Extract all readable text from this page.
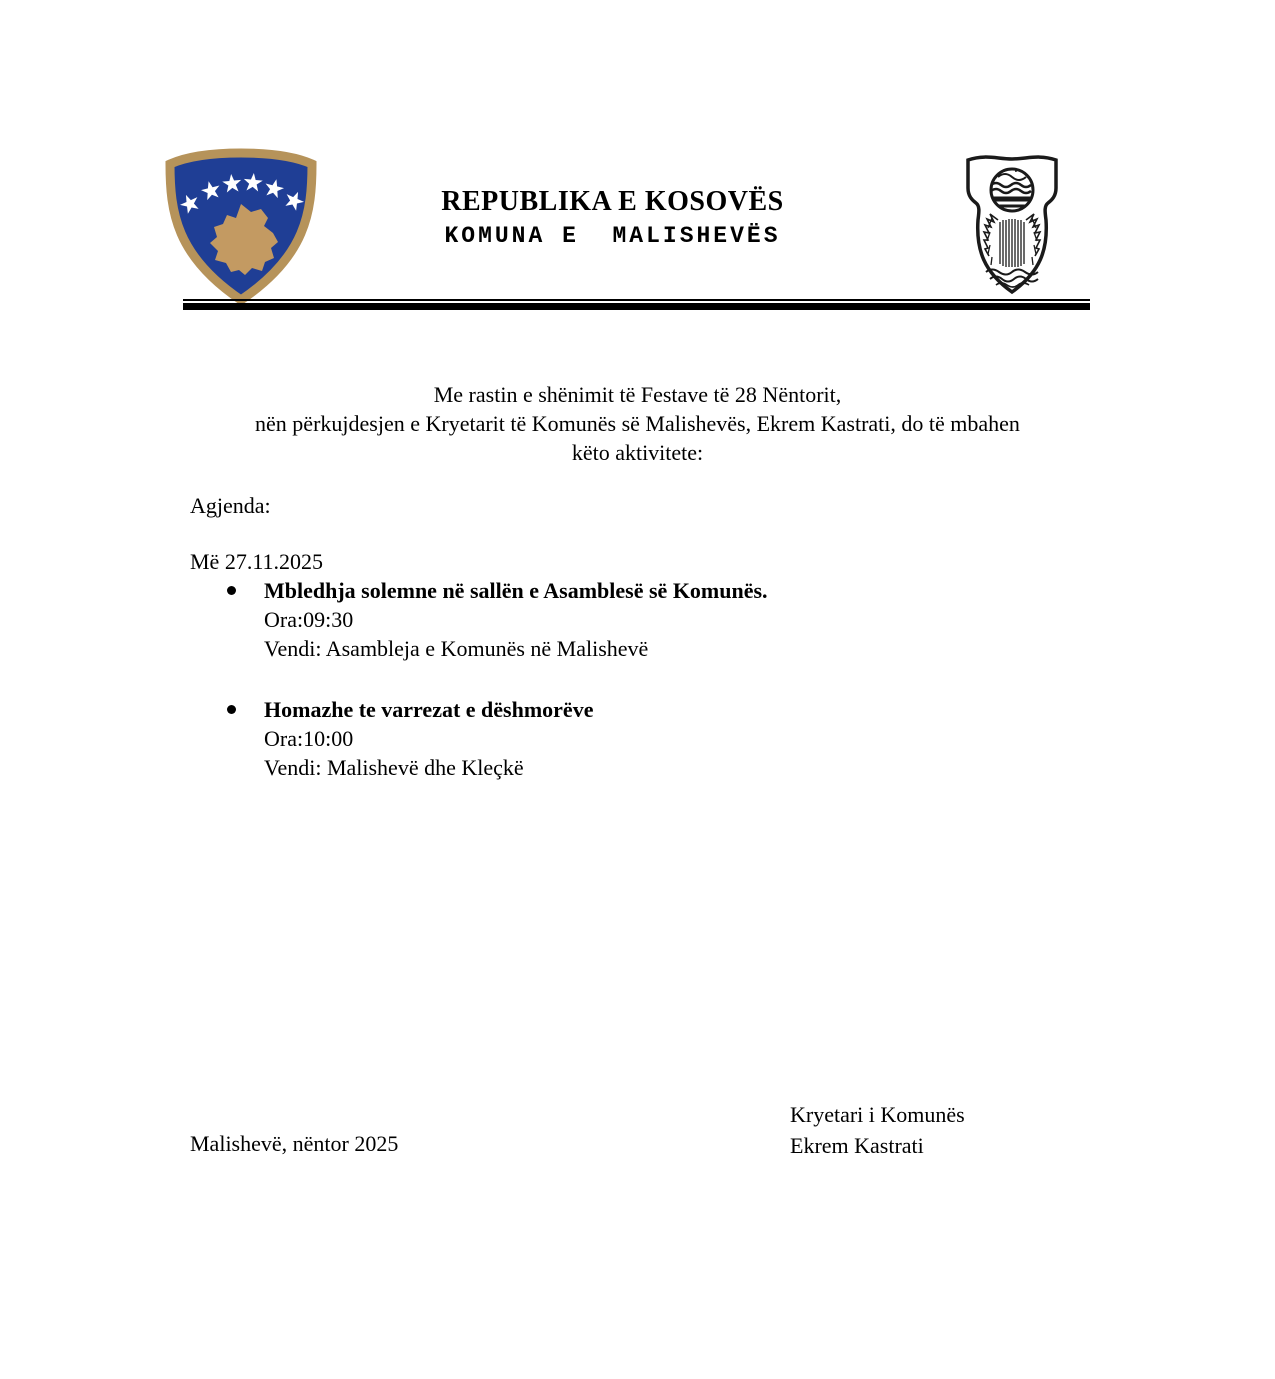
REPUBLIKA E KOSOVËS
KOMUNA E  MALISHEVËS
Me rastin e shënimit të Festave të 28 Nëntorit,
nën përkujdesjen e Kryetarit të Komunës së Malishevës, Ekrem Kastrati, do të mbahen
këto aktivitete:
Agjenda:
Më 27.11.2025
Mbledhja solemne në sallën e Asamblesë së Komunës.
Ora:09:30
Vendi: Asambleja e Komunës në Malishevë
Homazhe te varrezat e dëshmorëve
Ora:10:00
Vendi: Malishevë dhe Kleçkë
Kryetari i Komunës
Ekrem Kastrati
Malishevë, nëntor 2025
